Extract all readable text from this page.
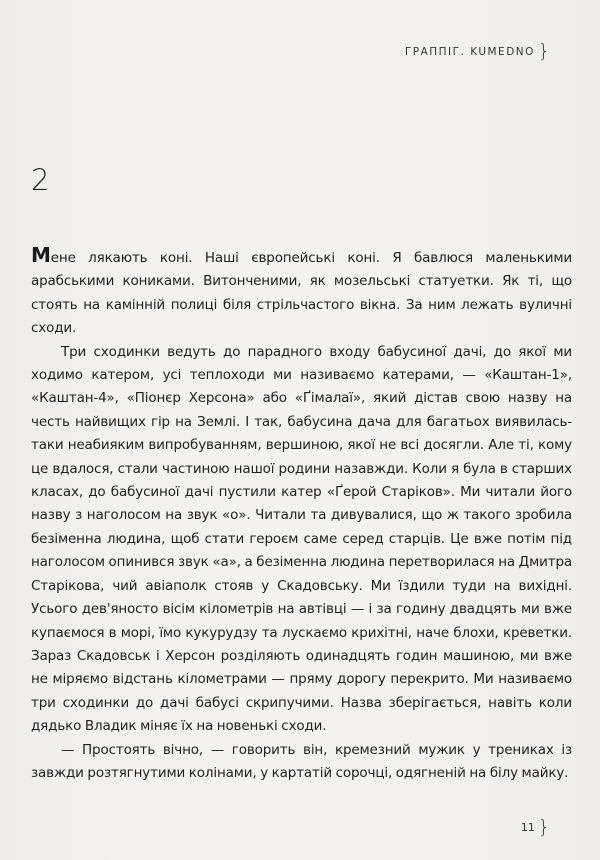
ГРАППІГ. KUMEDNO }
2

Мене лякають коні. Наші європейські коні. Я бавлюся маленькими арабськими кониками. Витонченими, як мозельські статуетки. Як ті, що стоять на камінній полиці біля стрільчастого вікна. За ним лежать вуличні сходи.

Три сходинки ведуть до парадного входу бабусиної дачі, до якої ми ходимо катером, усі теплоходи ми називаємо катерами, — «Каштан-1», «Каштан-4», «Піонєр Херсона» або «Ґімалаї», який дістав свою назву на честь найвищих гір на Землі. І так, бабусина дача для багатьох виявилась-таки неабияким випробуванням, вершиною, якої не всі досягли. Але ті, кому це вдалося, стали частиною нашої родини назавжди. Коли я була в старших класах, до бабусиної дачі пустили катер «Ґерой Старіков». Ми читали його назву з наголосом на звук «о». Читали та дивувалися, що ж такого зробила безіменна людина, щоб стати героєм саме серед старців. Це вже потім під наголосом опинився звук «а», а безіменна людина перетворилася на Дмитра Старікова, чий авіаполк стояв у Скадовську. Ми їздили туди на вихідні. Усього дев'яносто вісім кілометрів на автівці — і за годину двадцять ми вже купаємося в морі, їмо кукурудзу та лускаємо крихітні, наче блохи, креветки. Зараз Скадовськ і Херсон розділяють одинадцять годин машиною, ми вже не міряємо відстань кілометрами — пряму дорогу перекрито. Ми називаємо три сходинки до дачі бабусі скрипучими. Назва зберігається, навіть коли дядько Владик міняє їх на новенькі сходи.

— Простоять вічно, — говорить він, кремезний мужик у трениках із завжди розтягнутими колінами, у картатій сорочці, одягненій на білу майку.

11 }
